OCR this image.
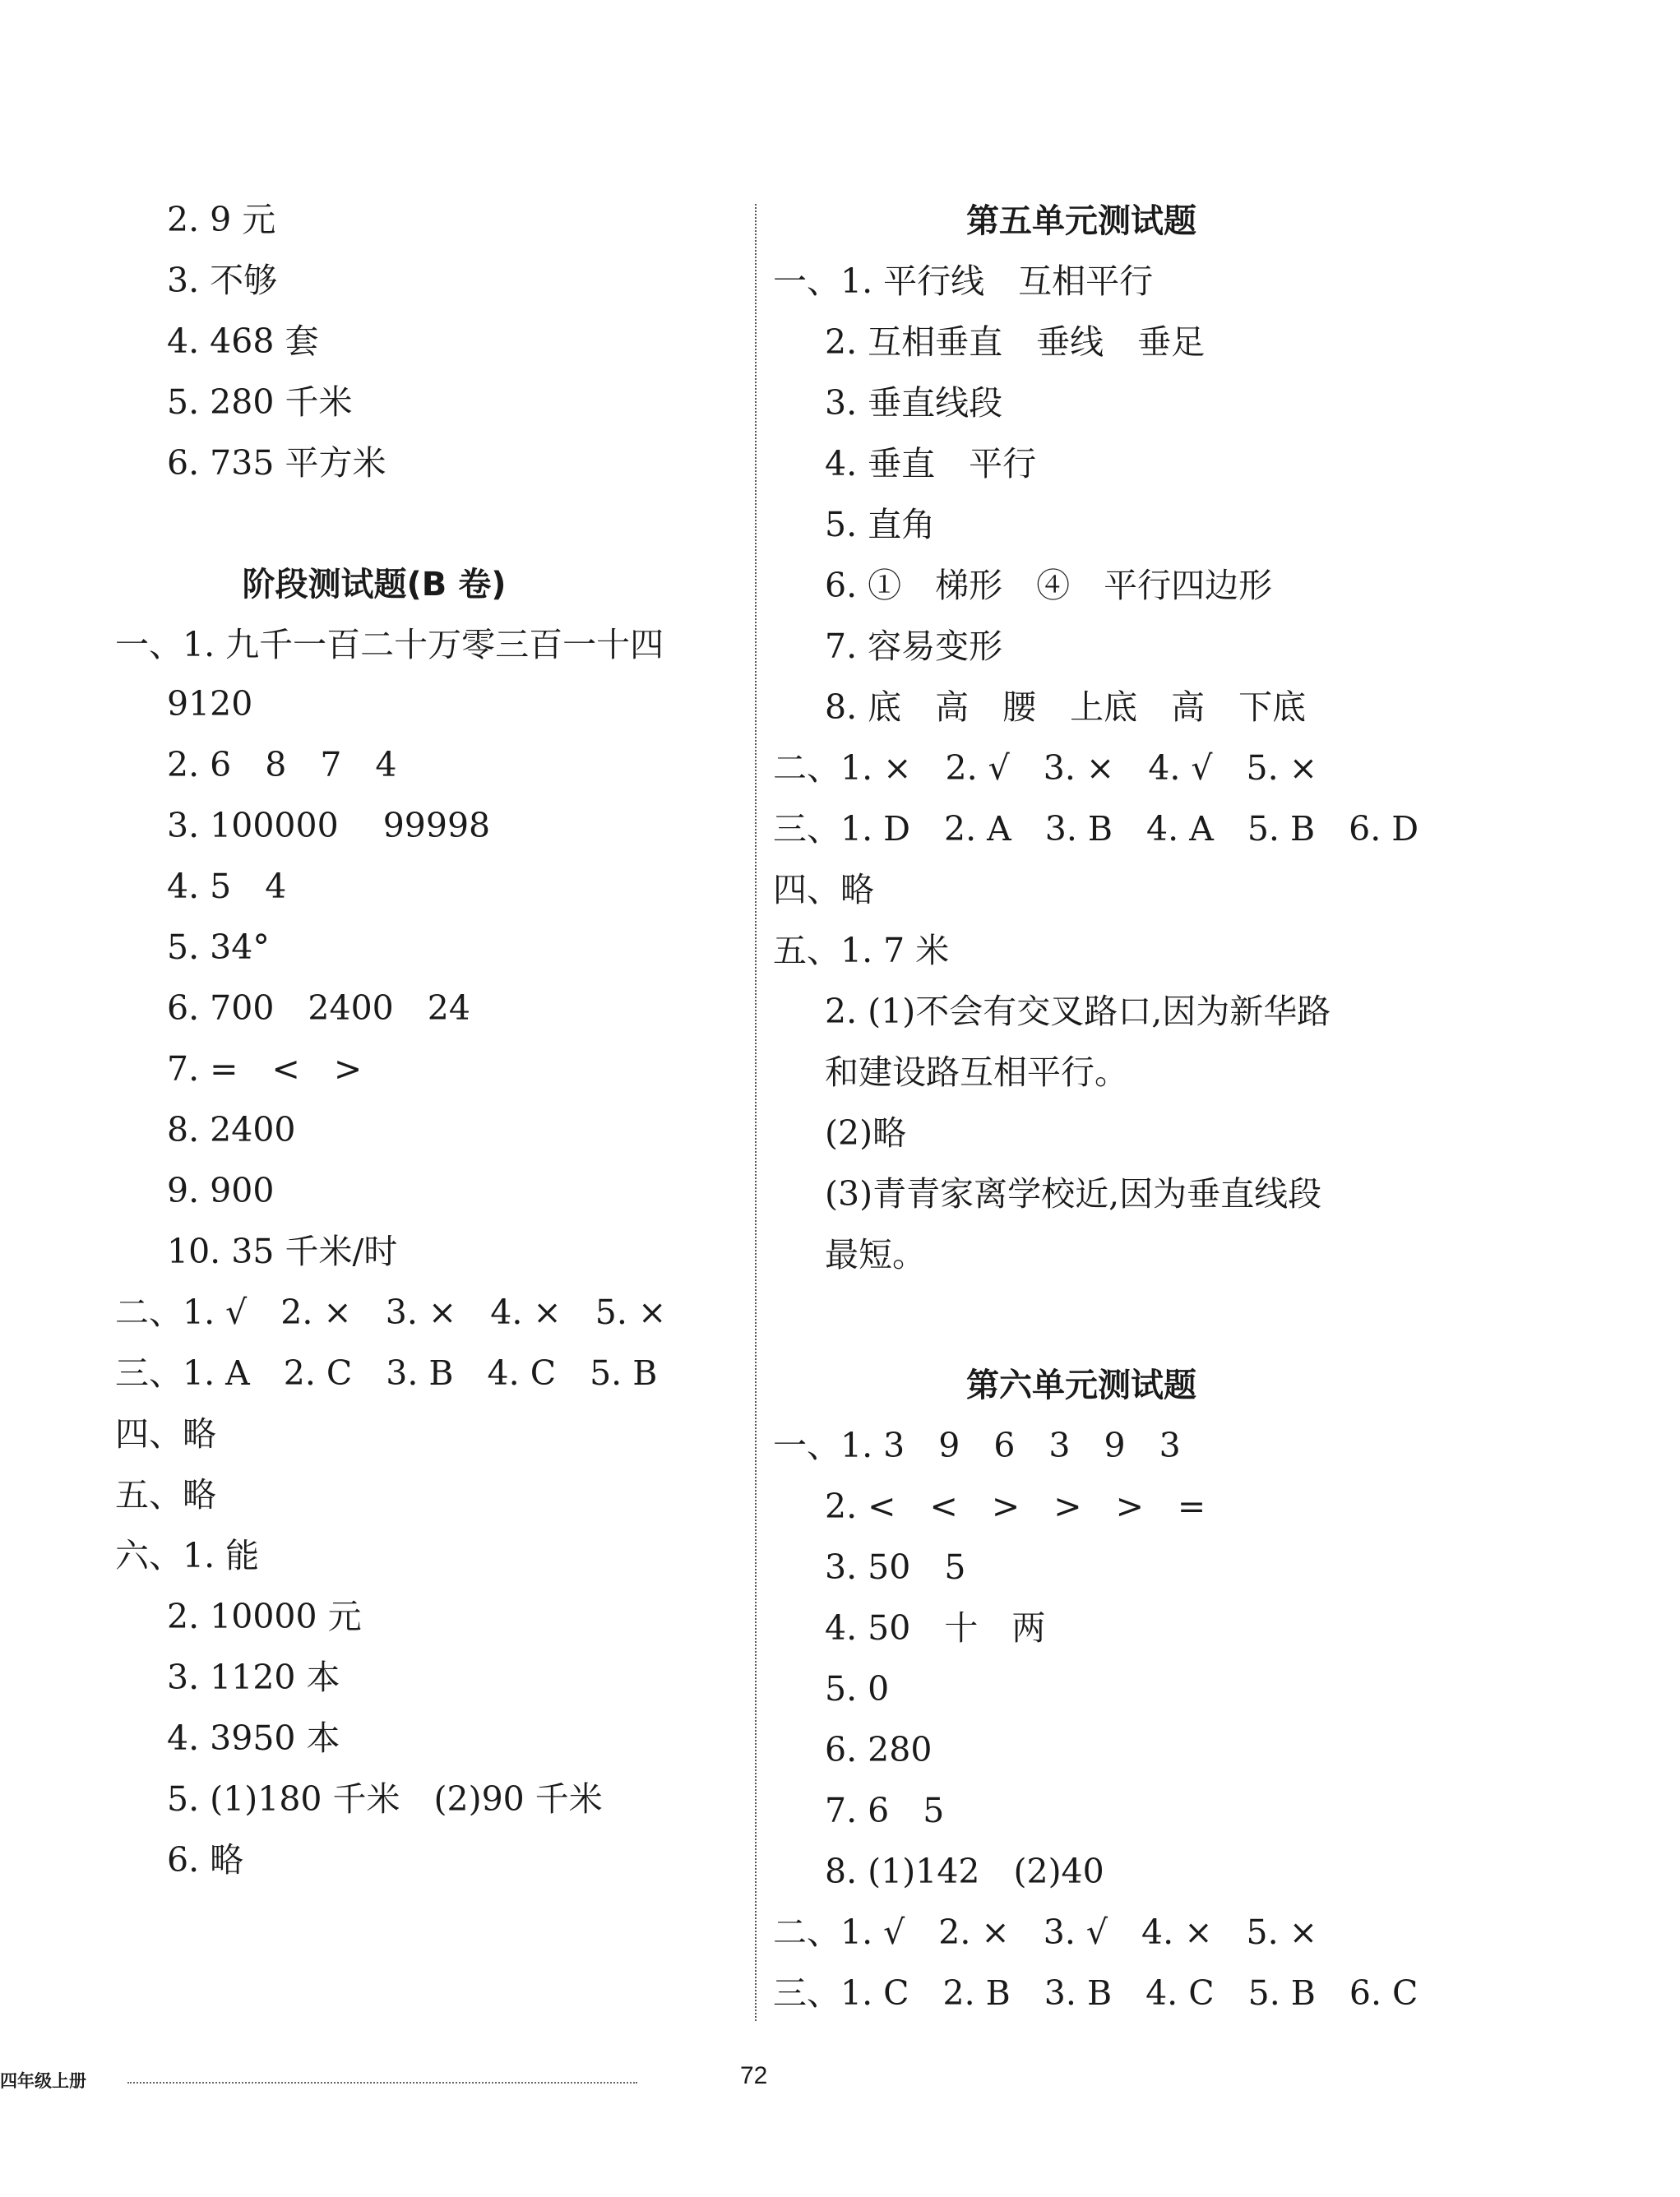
2. 9 元
3. 不够
4. 468 套
5. 280 千米
6. 735 平方米
阶段测试题(B 卷)
一、1. 九千一百二十万零三百一十四
9120
2. 6　8　7　4
3. 100000　 99998
4. 5　4
5. 34°
6. 700　2400　24
7. =　<　>
8. 2400
9. 900
10. 35 千米/时
二、1. √　2. ×　3. ×　4. ×　5. ×
三、1. A　2. C　3. B　4. C　5. B
四、略
五、略
六、1. 能
2. 10000 元
3. 1120 本
4. 3950 本
5. (1)180 千米　(2)90 千米
6. 略
第五单元测试题
一、1. 平行线　互相平行
2. 互相垂直　垂线　垂足
3. 垂直线段
4. 垂直　平行
5. 直角
6. ①　梯形　④　平行四边形
7. 容易变形
8. 底　高　腰　上底　高　下底
二、1. ×　2. √　3. ×　4. √　5. ×
三、1. D　2. A　3. B　4. A　5. B　6. D
四、略
五、1. 7 米
2. (1)不会有交叉路口,因为新华路
和建设路互相平行。
(2)略
(3)青青家离学校近,因为垂直线段
最短。
第六单元测试题
一、1. 3　9　6　3　9　3
2. <　<　>　>　>　=
3. 50　5
4. 50　十　两
5. 0
6. 280
7. 6　5
8. (1)142　(2)40
二、1. √　2. ×　3. √　4. ×　5. ×
三、1. C　2. B　3. B　4. C　5. B　6. C
四年级上册	72
